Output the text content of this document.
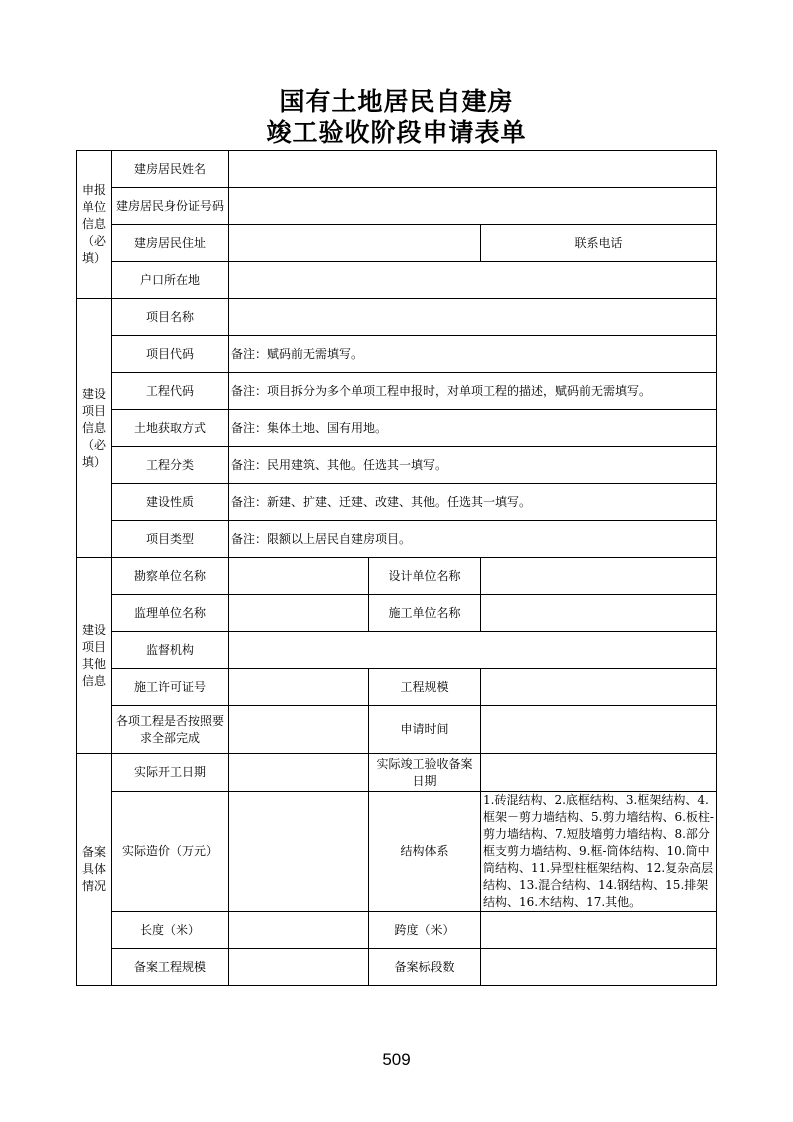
国有土地居民自建房
竣工验收阶段申请表单
申报单位信息（必填）	建房居民姓名				
	建房居民身份证号码				
	建房居民住址			联系电话	
	户口所在地				
建设项目信息（必填）	项目名称				
	项目代码	备注：赋码前无需填写。			
	工程代码	备注：项目拆分为多个单项工程申报时，对单项工程的描述，赋码前无需填写。			
	土地获取方式	备注：集体土地、国有用地。			
	工程分类	备注：民用建筑、其他。任选其一填写。			
	建设性质	备注：新建、扩建、迁建、改建、其他。任选其一填写。			
	项目类型	备注：限额以上居民自建房项目。			
建设项目其他信息	勘察单位名称		设计单位名称		
	监理单位名称		施工单位名称		
	监督机构				
	施工许可证号		工程规模		
	各项工程是否按照要求全部完成		申请时间		
备案具体情况	实际开工日期		实际竣工验收备案日期		
	实际造价（万元）		结构体系	1.砖混结构、2.底框结构、3.框架结构、4.框架－剪力墙结构、5.剪力墙结构、6.板柱-剪力墙结构、7.短肢墙剪力墙结构、8.部分框支剪力墙结构、9.框-筒体结构、10.筒中筒结构、11.异型柱框架结构、12.复杂高层结构、13.混合结构、14.钢结构、15.排架结构、16.木结构、17.其他。	
	长度（米）		跨度（米）		
	备案工程规模		备案标段数		
509
